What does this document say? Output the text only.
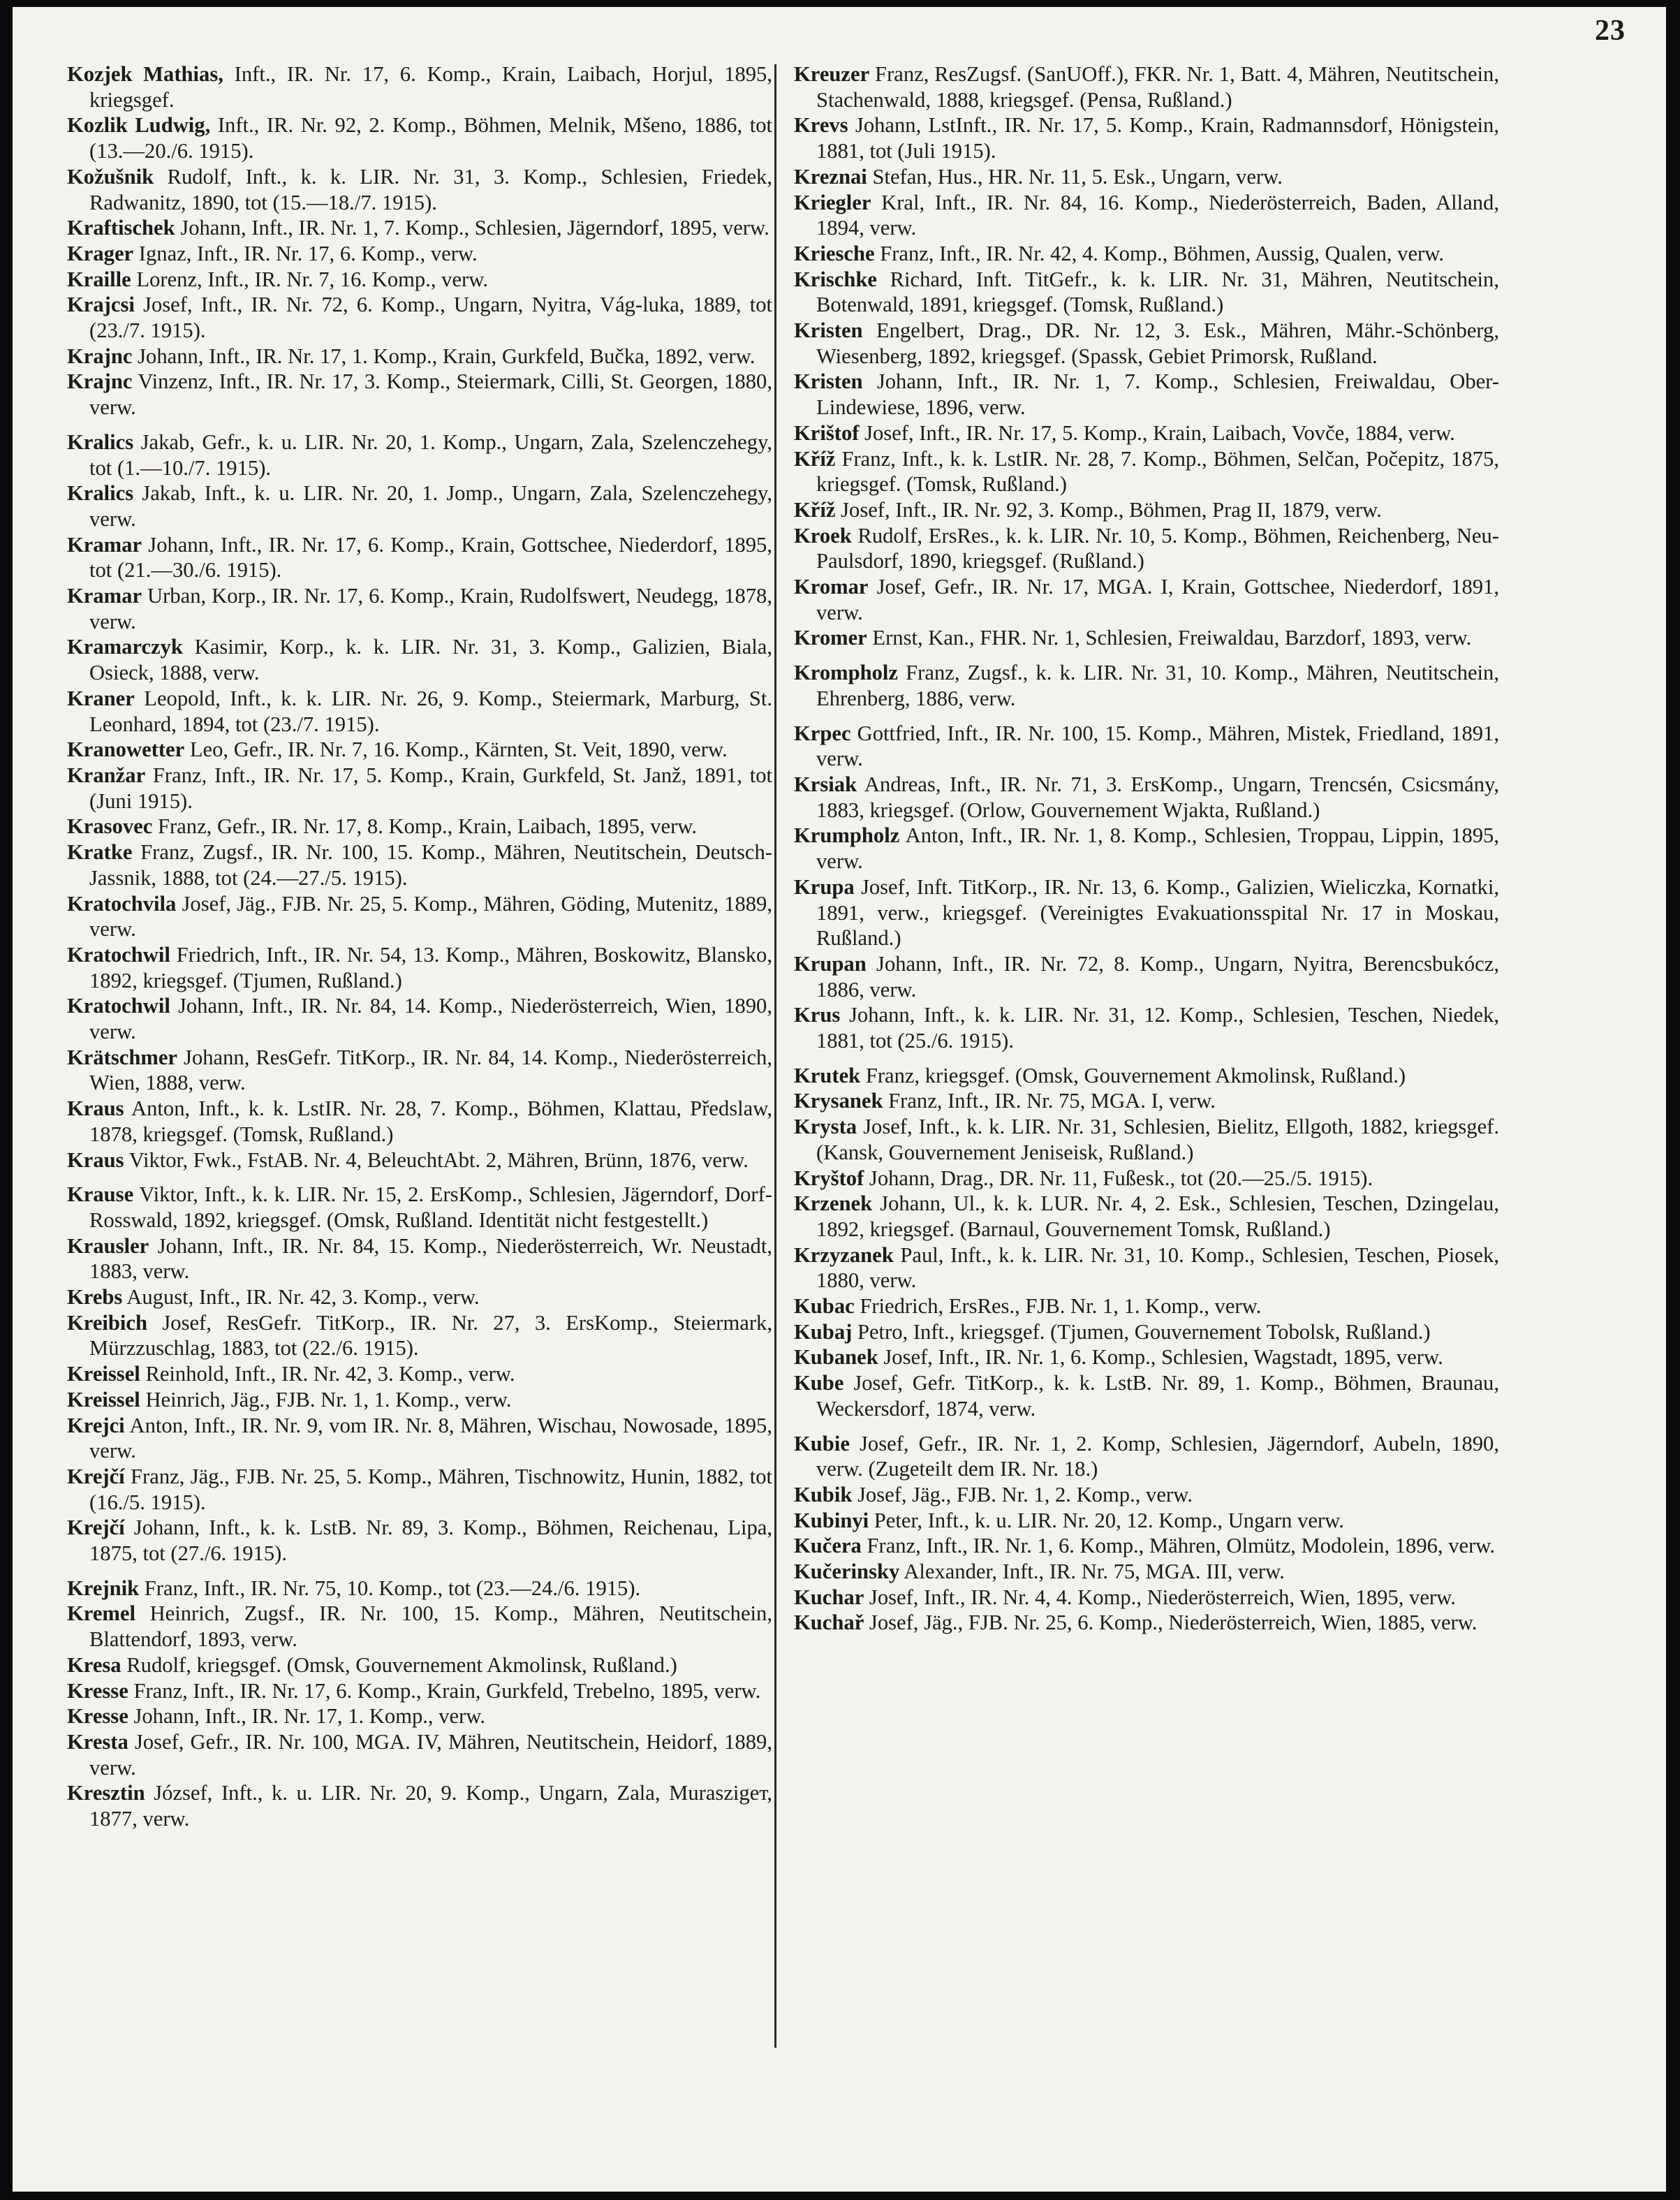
23

Kozjek Mathias, Inft., IR. Nr. 17, 6. Komp., Krain, Laibach, Horjul, 1895, kriegsgef.

Kozlik Ludwig, Inft., IR. Nr. 92, 2. Komp., Böhmen, Melnik, Mšeno, 1886, tot (13.—20./6. 1915).

Kožušnik Rudolf, Inft., k. k. LIR. Nr. 31, 3. Komp., Schlesien, Friedek, Radwanitz, 1890, tot (15.—18./7. 1915).

Kraftischek Johann, Inft., IR. Nr. 1, 7. Komp., Schlesien, Jägerndorf, 1895, verw.

Krager Ignaz, Inft., IR. Nr. 17, 6. Komp., verw.

Kraille Lorenz, Inft., IR. Nr. 7, 16. Komp., verw.

Krajcsi Josef, Inft., IR. Nr. 72, 6. Komp., Ungarn, Nyitra, Vág-luka, 1889, tot (23./7. 1915).

Krajnc Johann, Inft., IR. Nr. 17, 1. Komp., Krain, Gurkfeld, Bučka, 1892, verw.

Krajnc Vinzenz, Inft., IR. Nr. 17, 3. Komp., Steiermark, Cilli, St. Georgen, 1880, verw.

Kralics Jakab, Gefr., k. u. LIR. Nr. 20, 1. Komp., Ungarn, Zala, Szelenczehegy, tot (1.—10./7. 1915).

Kralics Jakab, Inft., k. u. LIR. Nr. 20, 1. Jomp., Ungarn, Zala, Szelenczehegy, verw.

Kramar Johann, Inft., IR. Nr. 17, 6. Komp., Krain, Gottschee, Niederdorf, 1895, tot (21.—30./6. 1915).

Kramar Urban, Korp., IR. Nr. 17, 6. Komp., Krain, Rudolfswert, Neudegg, 1878, verw.

Kramarczyk Kasimir, Korp., k. k. LIR. Nr. 31, 3. Komp., Galizien, Biala, Osieck, 1888, verw.

Kraner Leopold, Inft., k. k. LIR. Nr. 26, 9. Komp., Steiermark, Marburg, St. Leonhard, 1894, tot (23./7. 1915).

Kranowetter Leo, Gefr., IR. Nr. 7, 16. Komp., Kärnten, St. Veit, 1890, verw.

Kranžar Franz, Inft., IR. Nr. 17, 5. Komp., Krain, Gurkfeld, St. Janž, 1891, tot (Juni 1915).

Krasovec Franz, Gefr., IR. Nr. 17, 8. Komp., Krain, Laibach, 1895, verw.

Kratke Franz, Zugsf., IR. Nr. 100, 15. Komp., Mähren, Neutitschein, Deutsch-Jassnik, 1888, tot (24.—27./5. 1915).

Kratochvila Josef, Jäg., FJB. Nr. 25, 5. Komp., Mähren, Göding, Mutenitz, 1889, verw.

Kratochwil Friedrich, Inft., IR. Nr. 54, 13. Komp., Mähren, Boskowitz, Blansko, 1892, kriegsgef. (Tjumen, Rußland.)

Kratochwil Johann, Inft., IR. Nr. 84, 14. Komp., Niederösterreich, Wien, 1890, verw.

Krätschmer Johann, ResGefr. TitKorp., IR. Nr. 84, 14. Komp., Niederösterreich, Wien, 1888, verw.

Kraus Anton, Inft., k. k. LstIR. Nr. 28, 7. Komp., Böhmen, Klattau, Předslaw, 1878, kriegsgef. (Tomsk, Rußland.)

Kraus Viktor, Fwk., FstAB. Nr. 4, BeleuchtAbt. 2, Mähren, Brünn, 1876, verw.

Krause Viktor, Inft., k. k. LIR. Nr. 15, 2. ErsKomp., Schlesien, Jägerndorf, Dorf-Rosswald, 1892, kriegsgef. (Omsk, Rußland. Identität nicht festgestellt.)

Krausler Johann, Inft., IR. Nr. 84, 15. Komp., Niederösterreich, Wr. Neustadt, 1883, verw.

Krebs August, Inft., IR. Nr. 42, 3. Komp., verw.

Kreibich Josef, ResGefr. TitKorp., IR. Nr. 27, 3. ErsKomp., Steiermark, Mürzzuschlag, 1883, tot (22./6. 1915).

Kreissel Reinhold, Inft., IR. Nr. 42, 3. Komp., verw.

Kreissel Heinrich, Jäg., FJB. Nr. 1, 1. Komp., verw.

Krejci Anton, Inft., IR. Nr. 9, vom IR. Nr. 8, Mähren, Wischau, Nowosade, 1895, verw.

Krejčí Franz, Jäg., FJB. Nr. 25, 5. Komp., Mähren, Tischnowitz, Hunin, 1882, tot (16./5. 1915).

Krejčí Johann, Inft., k. k. LstB. Nr. 89, 3. Komp., Böhmen, Reichenau, Lipa, 1875, tot (27./6. 1915).

Krejnik Franz, Inft., IR. Nr. 75, 10. Komp., tot (23.—24./6. 1915).

Kremel Heinrich, Zugsf., IR. Nr. 100, 15. Komp., Mähren, Neutitschein, Blattendorf, 1893, verw.

Kresa Rudolf, kriegsgef. (Omsk, Gouvernement Akmolinsk, Rußland.)

Kresse Franz, Inft., IR. Nr. 17, 6. Komp., Krain, Gurkfeld, Trebelno, 1895, verw.

Kresse Johann, Inft., IR. Nr. 17, 1. Komp., verw.

Kresta Josef, Gefr., IR. Nr. 100, MGA. IV, Mähren, Neutitschein, Heidorf, 1889, verw.

Kresztin József, Inft., k. u. LIR. Nr. 20, 9. Komp., Ungarn, Zala, Muraszigeт, 1877, verw.

Kreuzer Franz, ResZugsf. (SanUOff.), FKR. Nr. 1, Batt. 4, Mähren, Neutitschein, Stachenwald, 1888, kriegsgef. (Pensa, Rußland.)

Krevs Johann, LstInft., IR. Nr. 17, 5. Komp., Krain, Radmannsdorf, Hönigstein, 1881, tot (Juli 1915).

Kreznai Stefan, Hus., HR. Nr. 11, 5. Esk., Ungarn, verw.

Kriegler Kral, Inft., IR. Nr. 84, 16. Komp., Niederösterreich, Baden, Alland, 1894, verw.

Kriesche Franz, Inft., IR. Nr. 42, 4. Komp., Böhmen, Aussig, Qualen, verw.

Krischke Richard, Inft. TitGefr., k. k. LIR. Nr. 31, Mähren, Neutitschein, Botenwald, 1891, kriegsgef. (Tomsk, Rußland.)

Kristen Engelbert, Drag., DR. Nr. 12, 3. Esk., Mähren, Mähr.-Schönberg, Wiesenberg, 1892, kriegsgef. (Spassk, Gebiet Primorsk, Rußland.

Kristen Johann, Inft., IR. Nr. 1, 7. Komp., Schlesien, Freiwaldau, Ober-Lindewiese, 1896, verw.

Krištof Josef, Inft., IR. Nr. 17, 5. Komp., Krain, Laibach, Vovče, 1884, verw.

Kříž Franz, Inft., k. k. LstIR. Nr. 28, 7. Komp., Böhmen, Selčan, Počepitz, 1875, kriegsgef. (Tomsk, Rußland.)

Kříž Josef, Inft., IR. Nr. 92, 3. Komp., Böhmen, Prag II, 1879, verw.

Kroek Rudolf, ErsRes., k. k. LIR. Nr. 10, 5. Komp., Böhmen, Reichenberg, Neu-Paulsdorf, 1890, kriegsgef. (Rußland.)

Kromar Josef, Gefr., IR. Nr. 17, MGA. I, Krain, Gottschee, Niederdorf, 1891, verw.

Kromer Ernst, Kan., FHR. Nr. 1, Schlesien, Freiwaldau, Barzdorf, 1893, verw.

Krompholz Franz, Zugsf., k. k. LIR. Nr. 31, 10. Komp., Mähren, Neutitschein, Ehrenberg, 1886, verw.

Krpec Gottfried, Inft., IR. Nr. 100, 15. Komp., Mähren, Mistek, Friedland, 1891, verw.

Krsiak Andreas, Inft., IR. Nr. 71, 3. ErsKomp., Ungarn, Trencsén, Csicsmány, 1883, kriegsgef. (Orlow, Gouvernement Wjakta, Rußland.)

Krumpholz Anton, Inft., IR. Nr. 1, 8. Komp., Schlesien, Troppau, Lippin, 1895, verw.

Krupa Josef, Inft. TitKorp., IR. Nr. 13, 6. Komp., Galizien, Wieliczka, Kornatki, 1891, verw., kriegsgef. (Vereinigtes Evakuationsspital Nr. 17 in Moskau, Rußland.)

Krupan Johann, Inft., IR. Nr. 72, 8. Komp., Ungarn, Nyitra, Berencsbukócz, 1886, verw.

Krus Johann, Inft., k. k. LIR. Nr. 31, 12. Komp., Schlesien, Teschen, Niedek, 1881, tot (25./6. 1915).

Krutek Franz, kriegsgef. (Omsk, Gouvernement Akmolinsk, Rußland.)

Krysanek Franz, Inft., IR. Nr. 75, MGA. I, verw.

Krysta Josef, Inft., k. k. LIR. Nr. 31, Schlesien, Bielitz, Ellgoth, 1882, kriegsgef. (Kansk, Gouvernement Jeniseisk, Rußland.)

Kryštof Johann, Drag., DR. Nr. 11, Fußesk., tot (20.—25./5. 1915).

Krzenek Johann, Ul., k. k. LUR. Nr. 4, 2. Esk., Schlesien, Teschen, Dzingelau, 1892, kriegsgef. (Barnaul, Gouvernement Tomsk, Rußland.)

Krzyzanek Paul, Inft., k. k. LIR. Nr. 31, 10. Komp., Schlesien, Teschen, Piosek, 1880, verw.

Kubac Friedrich, ErsRes., FJB. Nr. 1, 1. Komp., verw.

Kubaj Petro, Inft., kriegsgef. (Tjumen, Gouvernement Tobolsk, Rußland.)

Kubanek Josef, Inft., IR. Nr. 1, 6. Komp., Schlesien, Wagstadt, 1895, verw.

Kube Josef, Gefr. TitKorp., k. k. LstB. Nr. 89, 1. Komp., Böhmen, Braunau, Weckersdorf, 1874, verw.

Kubie Josef, Gefr., IR. Nr. 1, 2. Komp, Schlesien, Jägerndorf, Aubeln, 1890, verw. (Zugeteilt dem IR. Nr. 18.)

Kubik Josef, Jäg., FJB. Nr. 1, 2. Komp., verw.

Kubinyi Peter, Inft., k. u. LIR. Nr. 20, 12. Komp., Ungarn verw.

Kučera Franz, Inft., IR. Nr. 1, 6. Komp., Mähren, Olmütz, Modolein, 1896, verw.

Kučerinsky Alexander, Inft., IR. Nr. 75, MGA. III, verw.

Kuchar Josef, Inft., IR. Nr. 4, 4. Komp., Niederösterreich, Wien, 1895, verw.

Kuchař Josef, Jäg., FJB. Nr. 25, 6. Komp., Niederösterreich, Wien, 1885, verw.
